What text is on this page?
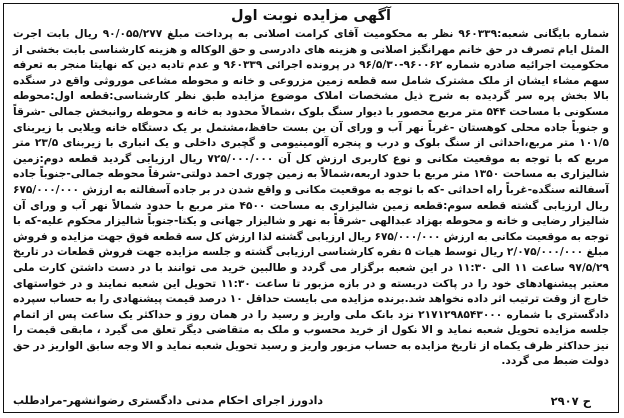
آگهی مزایده نوبت اول

شماره بایگانی شعبه:۹۶۰۳۳۹ نظر به محکومیت آقای کرامت اصلانی به پرداخت مبلغ ۹۰/۰۵۵/۲۷۷ ریال بابت اجرت المثل ایام تصرف در حق خانم مهرانگیز اصلانی و هزینه های دادرسی و حق الوکاله و هزینه کارشناسی بابت بخشی از محکومیت اجرائیه صادره شماره ۹۶۰۰۶۲-۹۶/۵/۳۰ در پرونده اجرائی ۹۶۰۳۳۹ و عدم تادیه دین که نهایتا منجر به تعرفه سهم مشاء ایشان از ملک مشترک شامل سه قطعه زمین مزروعی و خانه و محوطه مشاعی موروثی واقع در سنگده بالا بخش پره سر گردیده به شرح ذیل مشخصات املاک موضوع مزایده طبق نظر کارشناسی:قطعه اول:محوطه مسکونی با مساحت ۵۴۴ متر مربع محصور با دیوار سنگ بلوک ،شمالاً محدود به خانه و محوطه روانبخش جمالی -شرقاً و جنوباً جاده محلی کوهستان -غرباً نهر آب و ورای آن بن بست حافظ،مشتمل بر یک دستگاه خانه ویلایی با زیربنای ۱۰۱/۵ متر مربع،احداثی از سنگ بلوک و درب و پنجره آلومینیومی و گچبری داخلی و یک انباری با زیربنای ۲۳/۵ متر مربع که با توجه به موقعیت مکانی و نوع کاربری ارزش کل آن ۷۲۵/۰۰۰/۰۰۰ ریال ارزیابی گردید قطعه دوم:زمین شالیزاری به مساحت ۱۳۵۰ متر مربع با حدود اربعه،شمالاً به زمین چوری احمد دولتی-شرقاً محوطه جمالی-جنوباً جاده آسفالته سنگده-غرباً راه احداثی -که با توجه به موقعیت مکانی و واقع شدن در بر جاده آسفالته به ارزش ۶۷۵/۰۰۰/۰۰۰ ریال ارزیابی گشته قطعه سوم:قطعه زمین شالیزاری به مساحت ۴۵۰۰ متر مربع با حدود شمالاً نهر آب و ورای آن شالیزار رضایی و خانه و محوطه بهزاد عبدالهی -شرقاً به نهر و شالیزار جهانی و یکتا-جنوباً شالیزار محکوم علیه-که با توجه به موقعیت مکانی به ارزش ۶۷۵/۰۰۰/۰۰۰ ریال ارزیابی گشته لذا ارزش کل سه قطعه فوق جهت مزایده و فروش مبلغ ۲/۰۷۵/۰۰۰/۰۰۰ ریال توسط هیات ۵ نفره کارشناسی ارزیابی گشته و جلسه مزایده جهت فروش قطعات در تاریخ ۹۷/۵/۲۹ ساعت ۱۱ الی ۱۱:۳۰ در این شعبه برگزار می گردد و طالبین خرید می توانند با در دست داشتن کارت ملی معتبر پیشنهادهای خود را در پاکت دربسته و در بازه مزبور تا ساعت ۱۱:۳۰ تحویل این شعبه نمایند و در خواستهای خارج از وقت ترتیب اثر داده نخواهد شد.برنده مزایده می بایست حداقل ۱۰ درصد قیمت پیشنهادی را به حساب سپرده دادگستری با شماره ۲۱۷۱۲۹۸۵۴۳۰۰۰ نزد بانک ملی واریز و رسید را در همان روز و حداکثر یک ساعت پس از اتمام جلسه مزایده تحویل شعبه نماید و الا نکول از خرید محسوب و ملک به متقاضی دیگر تعلق می گیرد ، مابقی قیمت را نیز حداکثر ظرف یکماه از تاریخ مزایده به حساب مزبور واریز و رسید تحویل شعبه نماید و الا وجه سابق الواریز در حق دولت ضبط می گردد.

ح ۲۹۰۷
دادورز اجرای احکام مدنی دادگستری رضوانشهر-مرادطلب
